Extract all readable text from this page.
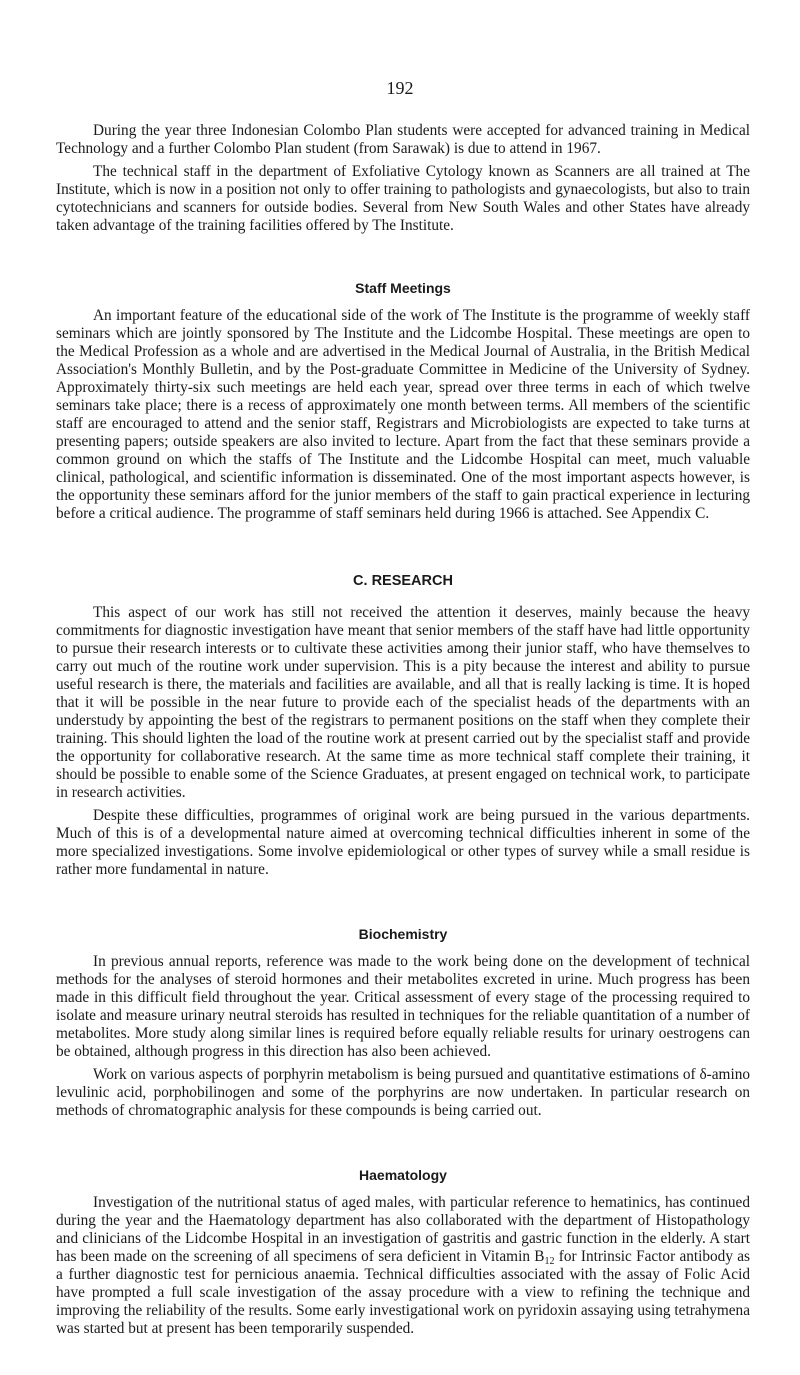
192

During the year three Indonesian Colombo Plan students were accepted for advanced training in Medical Technology and a further Colombo Plan student (from Sarawak) is due to attend in 1967.

The technical staff in the department of Exfoliative Cytology known as Scanners are all trained at The Institute, which is now in a position not only to offer training to pathologists and gynaecologists, but also to train cytotechnicians and scanners for outside bodies. Several from New South Wales and other States have already taken advantage of the training facilities offered by The Institute.

Staff Meetings

An important feature of the educational side of the work of The Institute is the programme of weekly staff seminars which are jointly sponsored by The Institute and the Lidcombe Hospital. These meetings are open to the Medical Profession as a whole and are advertised in the Medical Journal of Australia, in the British Medical Association's Monthly Bulletin, and by the Post-graduate Committee in Medicine of the University of Sydney. Approximately thirty-six such meetings are held each year, spread over three terms in each of which twelve seminars take place; there is a recess of approximately one month between terms. All members of the scientific staff are encouraged to attend and the senior staff, Registrars and Microbiologists are expected to take turns at presenting papers; outside speakers are also invited to lecture. Apart from the fact that these seminars provide a common ground on which the staffs of The Institute and the Lidcombe Hospital can meet, much valuable clinical, pathological, and scientific information is disseminated. One of the most important aspects however, is the opportunity these seminars afford for the junior members of the staff to gain practical experience in lecturing before a critical audience. The programme of staff seminars held during 1966 is attached. See Appendix C.

C. RESEARCH

This aspect of our work has still not received the attention it deserves, mainly because the heavy commitments for diagnostic investigation have meant that senior members of the staff have had little opportunity to pursue their research interests or to cultivate these activities among their junior staff, who have themselves to carry out much of the routine work under supervision. This is a pity because the interest and ability to pursue useful research is there, the materials and facilities are available, and all that is really lacking is time. It is hoped that it will be possible in the near future to provide each of the specialist heads of the departments with an understudy by appointing the best of the registrars to permanent positions on the staff when they complete their training. This should lighten the load of the routine work at present carried out by the specialist staff and provide the opportunity for collaborative research. At the same time as more technical staff complete their training, it should be possible to enable some of the Science Graduates, at present engaged on technical work, to participate in research activities.

Despite these difficulties, programmes of original work are being pursued in the various departments. Much of this is of a developmental nature aimed at overcoming technical difficulties inherent in some of the more specialized investigations. Some involve epidemiological or other types of survey while a small residue is rather more fundamental in nature.

Biochemistry

In previous annual reports, reference was made to the work being done on the development of technical methods for the analyses of steroid hormones and their metabolites excreted in urine. Much progress has been made in this difficult field throughout the year. Critical assessment of every stage of the processing required to isolate and measure urinary neutral steroids has resulted in techniques for the reliable quantitation of a number of metabolites. More study along similar lines is required before equally reliable results for urinary oestrogens can be obtained, although progress in this direction has also been achieved.

Work on various aspects of porphyrin metabolism is being pursued and quantitative estimations of δ-amino levulinic acid, porphobilinogen and some of the porphyrins are now undertaken. In particular research on methods of chromatographic analysis for these compounds is being carried out.

Haematology

Investigation of the nutritional status of aged males, with particular reference to hematinics, has continued during the year and the Haematology department has also collaborated with the department of Histopathology and clinicians of the Lidcombe Hospital in an investigation of gastritis and gastric function in the elderly. A start has been made on the screening of all specimens of sera deficient in Vitamin $B_{12}$ for Intrinsic Factor antibody as a further diagnostic test for pernicious anaemia. Technical difficulties associated with the assay of Folic Acid have prompted a full scale investigation of the assay procedure with a view to refining the technique and improving the reliability of the results. Some early investigational work on pyridoxin assaying using tetrahymena was started but at present has been temporarily suspended.
